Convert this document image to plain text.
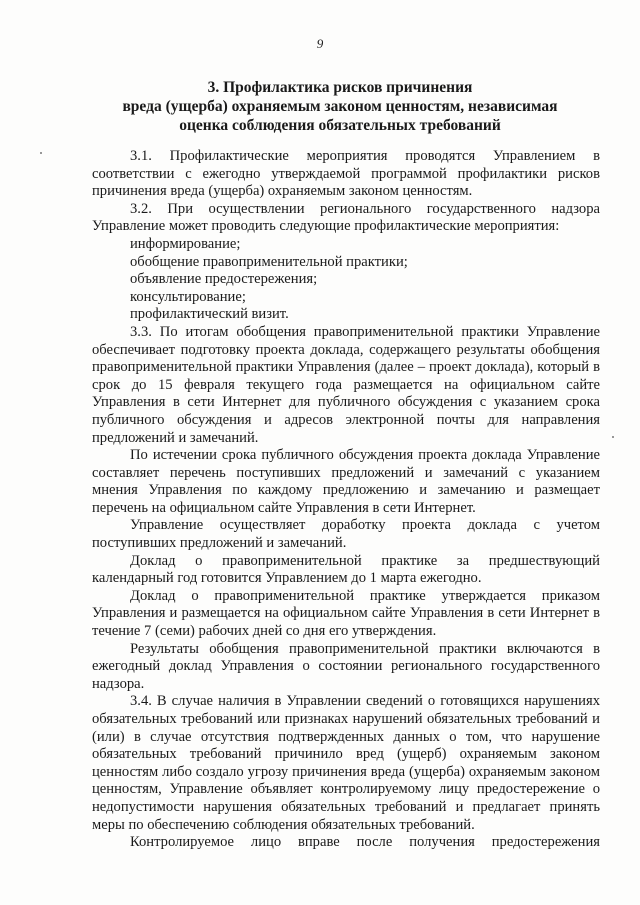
9
3. Профилактика рисков причинения
вреда (ущерба) охраняемым законом ценностям, независимая
оценка соблюдения обязательных требований

3.1. Профилактические мероприятия проводятся Управлением в соответствии с ежегодно утверждаемой программой профилактики рисков причинения вреда (ущерба) охраняемым законом ценностям.

3.2. При осуществлении регионального государственного надзора Управление может проводить следующие профилактические мероприятия:

информирование;

обобщение правоприменительной практики;

объявление предостережения;

консультирование;

профилактический визит.

3.3. По итогам обобщения правоприменительной практики Управление обеспечивает подготовку проекта доклада, содержащего результаты обобщения правоприменительной практики Управления (далее – проект доклада), который в срок до 15 февраля текущего года размещается на официальном сайте Управления в сети Интернет для публичного обсуждения с указанием срока публичного обсуждения и адресов электронной почты для направления предложений и замечаний.

По истечении срока публичного обсуждения проекта доклада Управление составляет перечень поступивших предложений и замечаний с указанием мнения Управления по каждому предложению и замечанию и размещает перечень на официальном сайте Управления в сети Интернет.

Управление осуществляет доработку проекта доклада с учетом поступивших предложений и замечаний.

Доклад о правоприменительной практике за предшествующий календарный год готовится Управлением до 1 марта ежегодно.

Доклад о правоприменительной практике утверждается приказом Управления и размещается на официальном сайте Управления в сети Интернет в течение 7 (семи) рабочих дней со дня его утверждения.

Результаты обобщения правоприменительной практики включаются в ежегодный доклад Управления о состоянии регионального государственного надзора.

3.4. В случае наличия в Управлении сведений о готовящихся нарушениях обязательных требований или признаках нарушений обязательных требований и (или) в случае отсутствия подтвержденных данных о том, что нарушение обязательных требований причинило вред (ущерб) охраняемым законом ценностям либо создало угрозу причинения вреда (ущерба) охраняемым законом ценностям, Управление объявляет контролируемому лицу предостережение о недопустимости нарушения обязательных требований и предлагает принять меры по обеспечению соблюдения обязательных требований.

Контролируемое лицо вправе после получения предостережения
